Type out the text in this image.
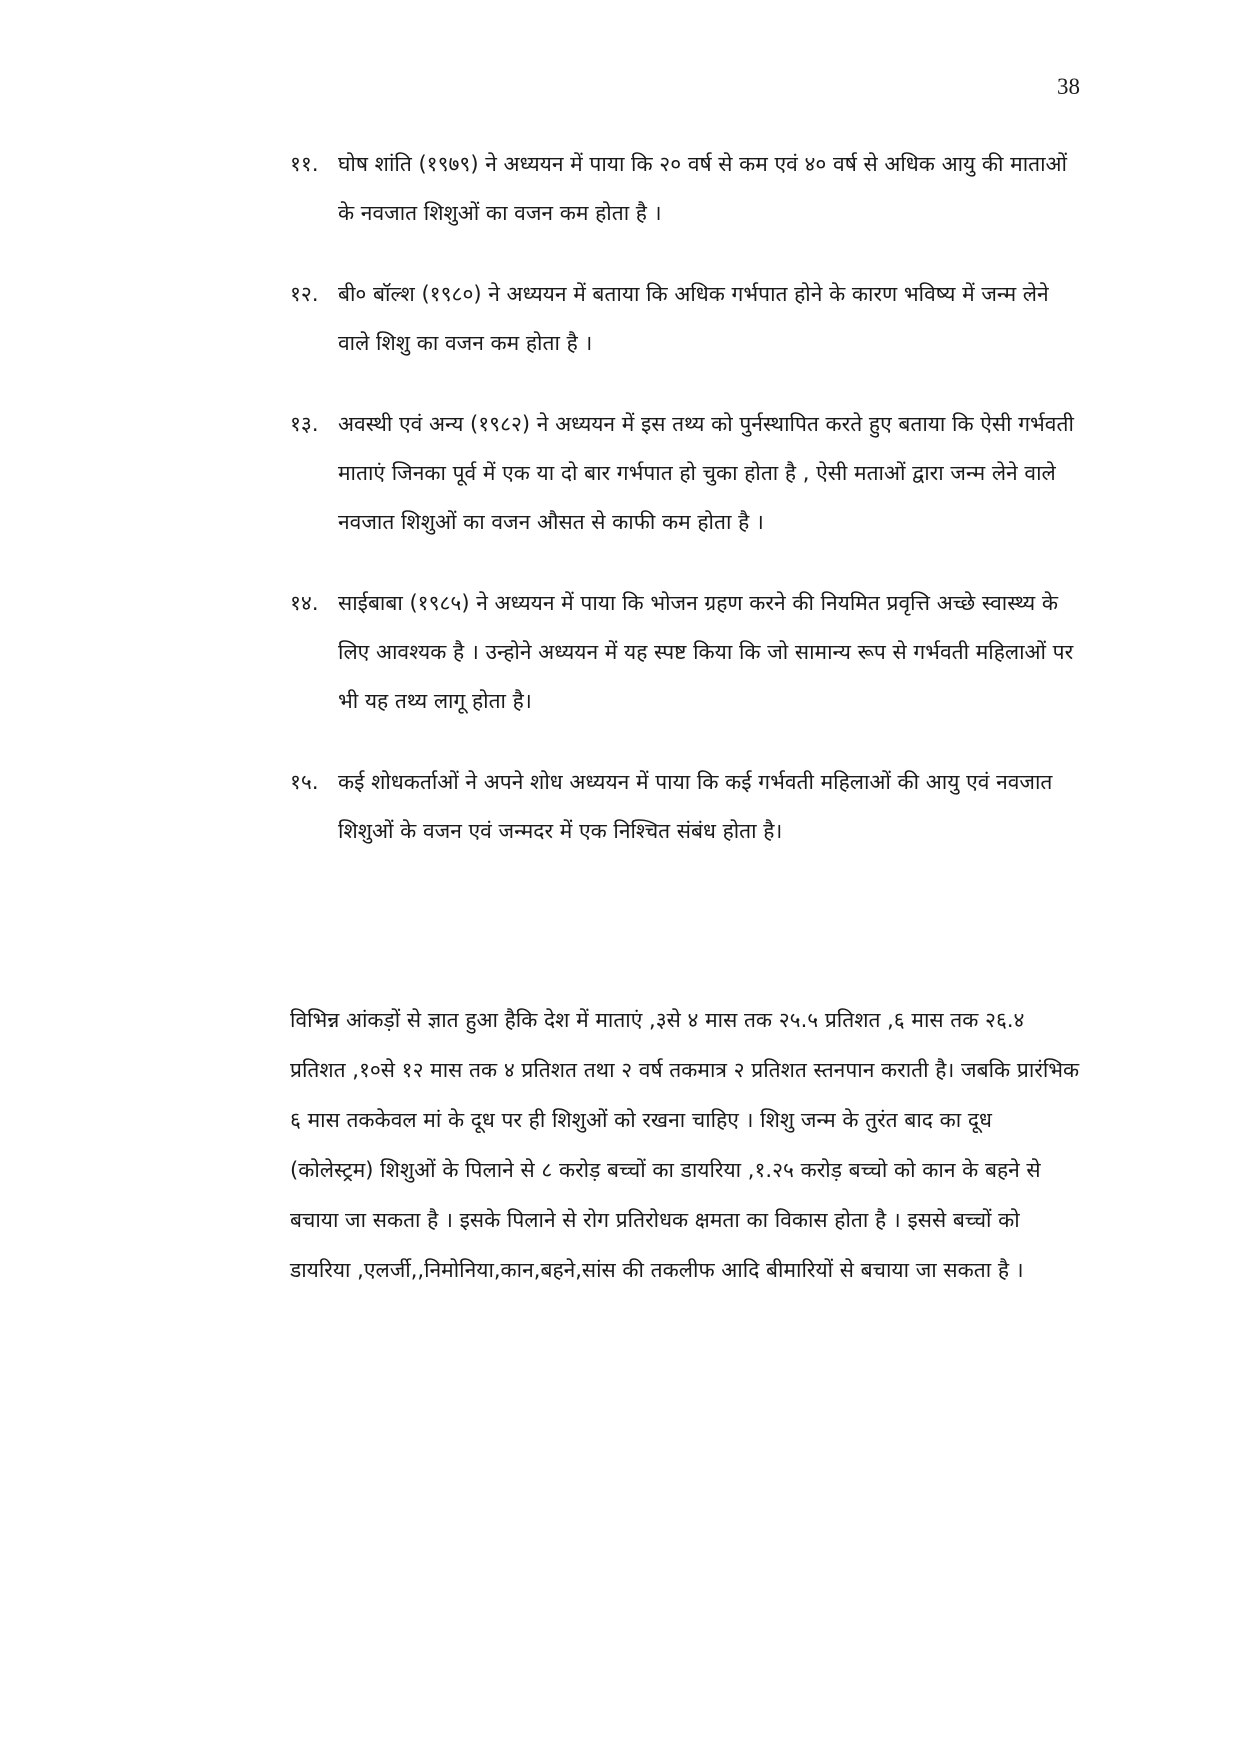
38
११. घोष शांति (१९७९) ने अध्ययन में पाया कि २० वर्ष से कम एवं ४० वर्ष से अधिक आयु की माताओं के नवजात शिशुओं का वजन कम होता है ।
१२. बी० बॉल्श (१९८०) ने अध्ययन में बताया कि अधिक गर्भपात होने के कारण भविष्य में जन्म लेने वाले शिशु का वजन कम होता है ।
१३. अवस्थी एवं अन्य (१९८२) ने अध्ययन में इस तथ्य को पुर्नस्थापित करते हुए बताया कि ऐसी गर्भवती माताएं जिनका पूर्व में एक या दो बार गर्भपात हो चुका होता है , ऐसी मताओं द्वारा जन्म लेने वाले नवजात शिशुओं का वजन औसत से काफी कम होता है ।
१४. साईबाबा (१९८५) ने अध्ययन में पाया कि भोजन ग्रहण करने की नियमित प्रवृत्ति अच्छे स्वास्थ्य के लिए आवश्यक है । उन्होने अध्ययन में यह स्पष्ट किया कि जो सामान्य रूप से गर्भवती महिलाओं पर भी यह तथ्य लागू होता है।
१५. कई शोधकर्ताओं ने अपने शोध अध्ययन में पाया कि कई गर्भवती महिलाओं की आयु एवं नवजात शिशुओं के वजन एवं जन्मदर में एक निश्चित संबंध होता है।
विभिन्न आंकड़ों से ज्ञात हुआ हैकि देश में माताएं ,३से ४ मास तक २५.५ प्रतिशत ,६ मास तक २६.४ प्रतिशत ,१०से १२ मास तक ४ प्रतिशत तथा २ वर्ष तकमात्र २ प्रतिशत स्तनपान कराती है। जबकि प्रारंभिक ६ मास तककेवल मां के दूध पर ही शिशुओं को रखना चाहिए । शिशु जन्म के तुरंत बाद का दूध (कोलेस्ट्रम) शिशुओं के पिलाने से ८ करोड़ बच्चों का डायरिया ,१.२५ करोड़ बच्चो को कान के बहने से बचाया जा सकता है । इसके पिलाने से रोग प्रतिरोधक क्षमता का विकास होता है । इससे बच्चों को डायरिया ,एलर्जी,,निमोनिया,कान,बहने,सांस की तकलीफ आदि बीमारियों से बचाया जा सकता है ।
